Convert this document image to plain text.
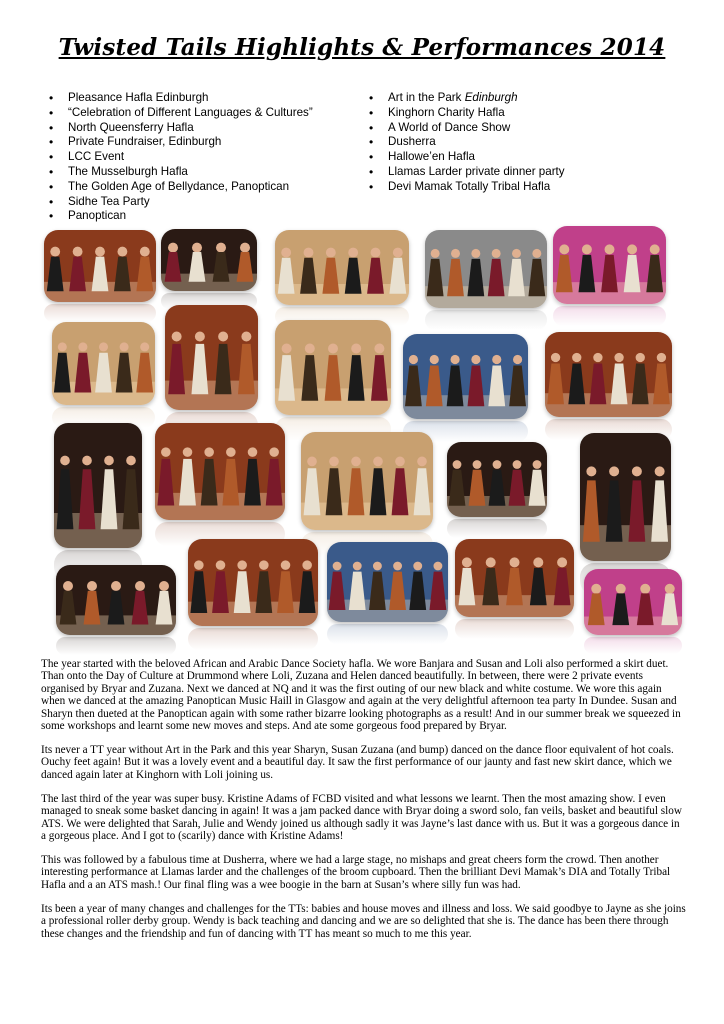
Twisted Tails Highlights & Performances 2014
• Pleasance Hafla Edinburgh
• “Celebration of Different Languages & Cultures”
• North Queensferry Hafla
• Private Fundraiser, Edinburgh
• LCC Event
• The Musselburgh Hafla
• The Golden Age of Bellydance, Panoptican
• Sidhe Tea Party
• Panoptican
• Art in the Park Edinburgh
• Kinghorn Charity Hafla
• A World of Dance Show
• Dusherra
• Hallowe’en Hafla
• Llamas Larder private dinner party
• Devi Mamak Totally Tribal Hafla

The year started with the beloved African and Arabic Dance Society hafla. We wore Banjara and Susan and Loli also performed a skirt duet. Than onto the Day of Culture at Drummond where Loli, Zuzana and Helen danced beautifully. In between, there were 2 private events organised by Bryar and Zuzana. Next we danced at NQ and it was the first outing of our new black and white costume. We wore this again when we danced at the amazing Panoptican Music Haill in Glasgow and again at the very delightful afternoon tea party In Dundee. Susan and Sharyn then dueted at the Panoptican again with some rather bizarre looking photographs as a result! And in our summer break we squeezed in some workshops and learnt some new moves and steps. And ate some gorgeous food prepared by Bryar.

Its never a TT year without Art in the Park and this year Sharyn, Susan Zuzana (and bump) danced on the dance floor equivalent of hot coals. Ouchy feet again! But it was a lovely event and a beautiful day. It saw the first performance of our jaunty and fast new skirt dance, which we danced again later at Kinghorn with Loli joining us.

The last third of the year was super busy. Kristine Adams of FCBD visited and what lessons we learnt. Then the most amazing show. I even managed to sneak some basket dancing in again! It was a jam packed dance with Bryar doing a sword solo, fan veils, basket and beautiful slow ATS. We were delighted that Sarah, Julie and Wendy joined us although sadly it was Jayne’s last dance with us. But it was a gorgeous dance in a gorgeous place. And I got to (scarily) dance with Kristine Adams!

This was followed by a fabulous time at Dusherra, where we had a large stage, no mishaps and great cheers form the crowd. Then another interesting performance at Llamas larder and the challenges of the broom cupboard. Then the brilliant Devi Mamak’s DIA and Totally Tribal Hafla and a an ATS mash.! Our final fling was a wee boogie in the barn at Susan’s where silly fun was had.

Its been a year of many changes and challenges for the TTs: babies and house moves and illness and loss. We said goodbye to Jayne as she joins a professional roller derby group. Wendy is back teaching and dancing and we are so delighted that she is. The dance has been there through these changes and the friendship and fun of dancing with TT has meant so much to me this year.
